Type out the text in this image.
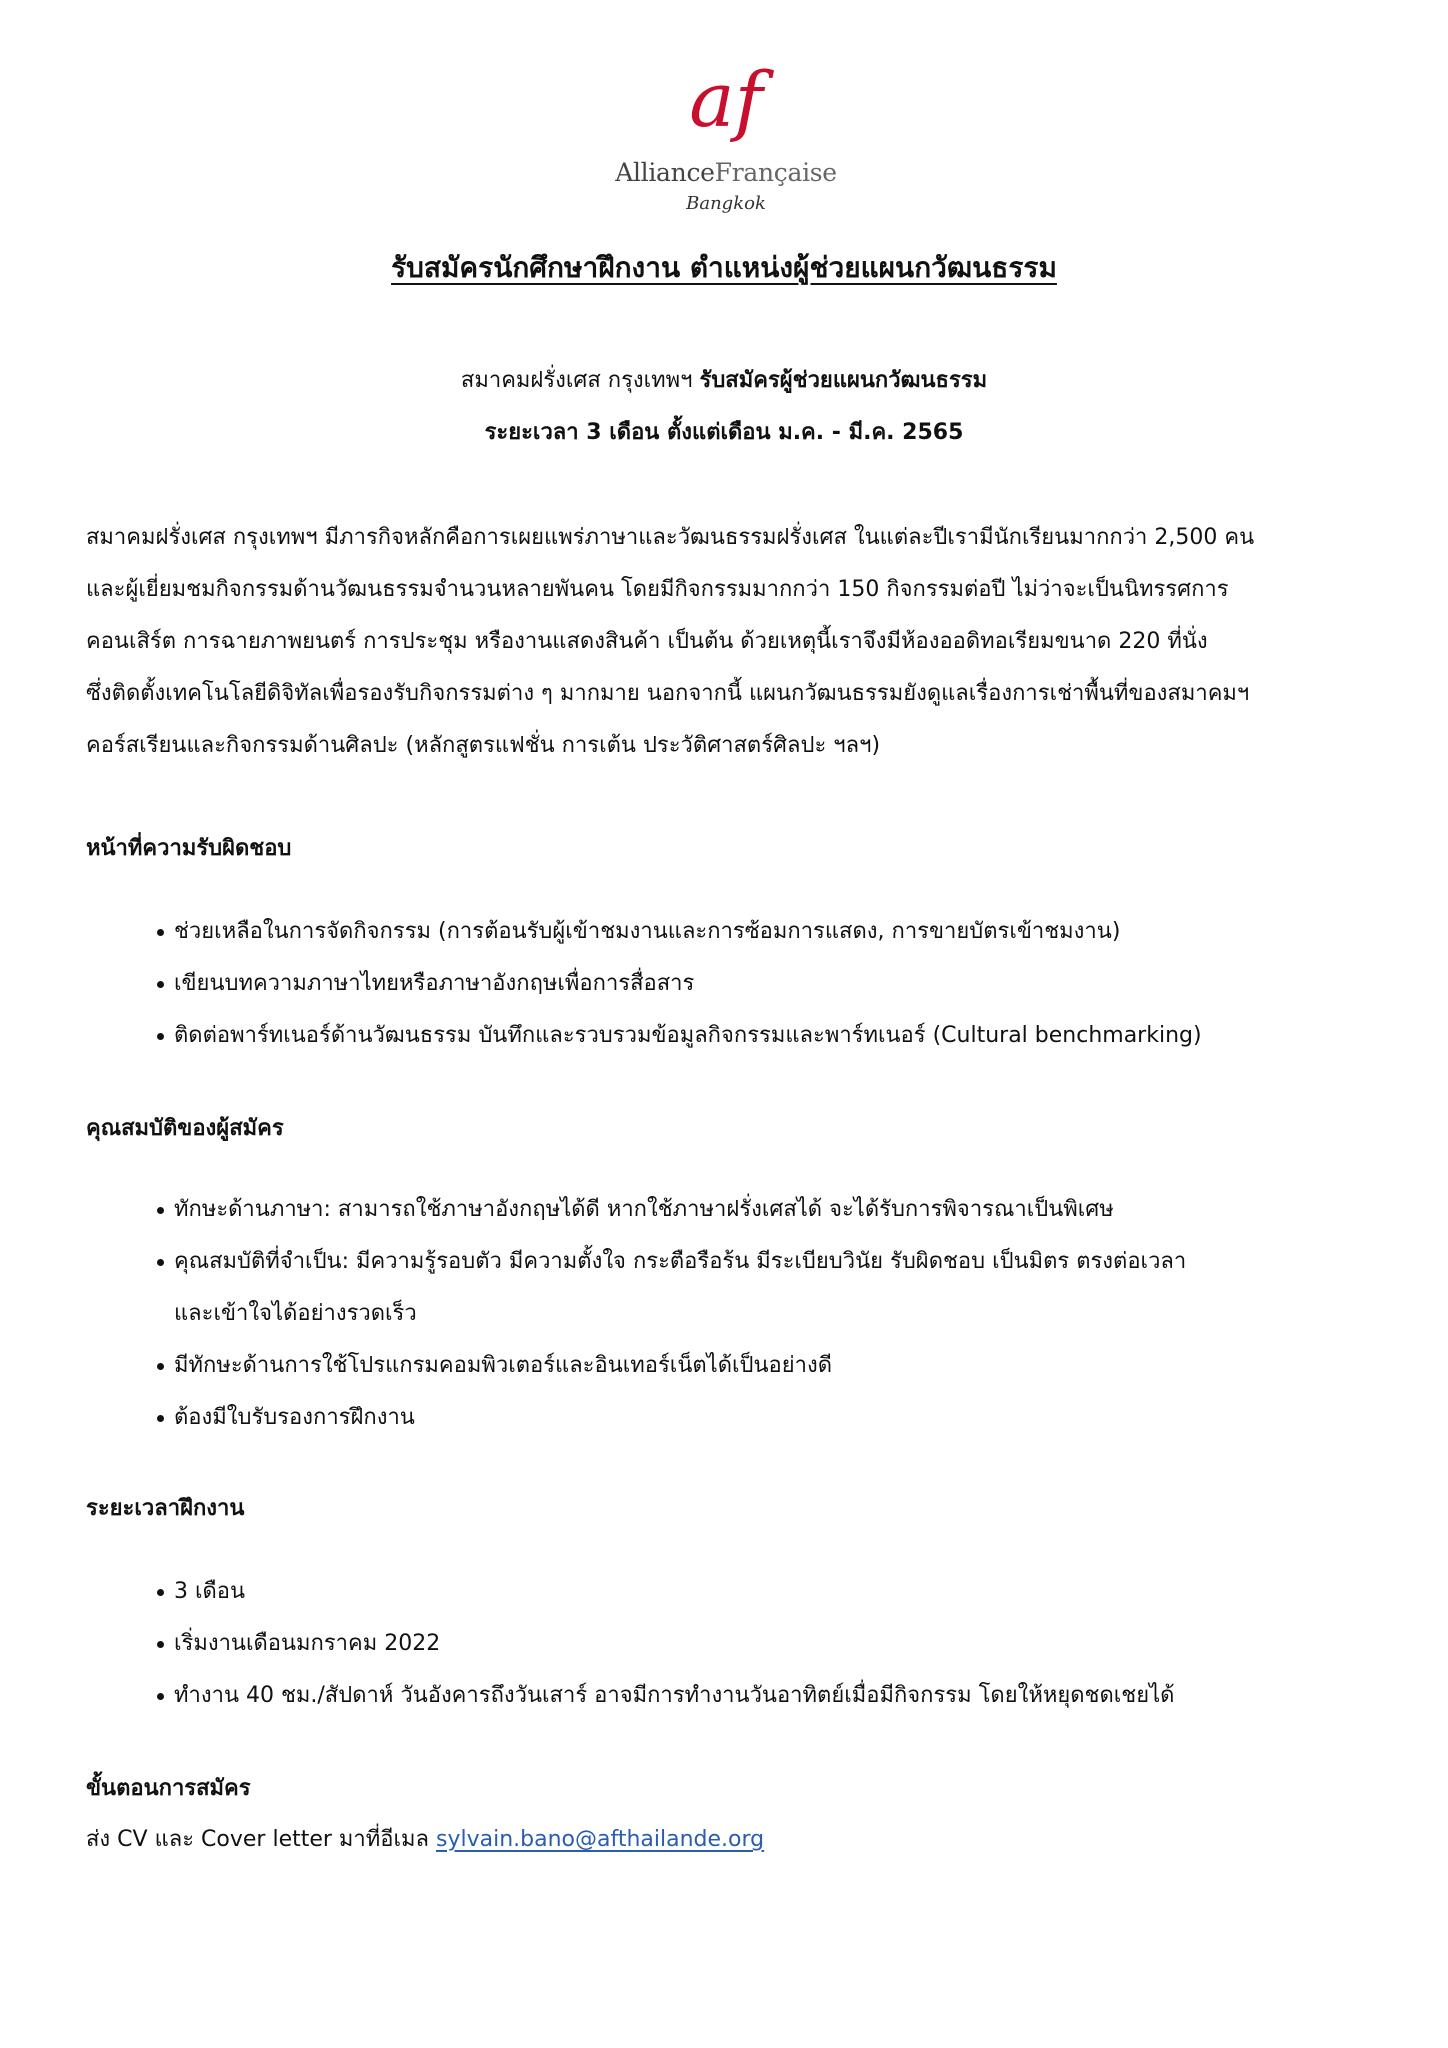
af
AllianceFrançaise
Bangkok
รับสมัครนักศึกษาฝึกงาน ตำแหน่งผู้ช่วยแผนกวัฒนธรรม
สมาคมฝรั่งเศส กรุงเทพฯ รับสมัครผู้ช่วยแผนกวัฒนธรรม
ระยะเวลา 3 เดือน ตั้งแต่เดือน ม.ค. - มี.ค. 2565

สมาคมฝรั่งเศส กรุงเทพฯ มีภารกิจหลักคือการเผยแพร่ภาษาและวัฒนธรรมฝรั่งเศส ในแต่ละปีเรามีนักเรียนมากกว่า 2,500 คน

และผู้เยี่ยมชมกิจกรรมด้านวัฒนธรรมจำนวนหลายพันคน โดยมีกิจกรรมมากกว่า 150 กิจกรรมต่อปี ไม่ว่าจะเป็นนิทรรศการ

คอนเสิร์ต การฉายภาพยนตร์ การประชุม หรืองานแสดงสินค้า เป็นต้น ด้วยเหตุนี้เราจึงมีห้องออดิทอเรียมขนาด 220 ที่นั่ง

ซึ่งติดตั้งเทคโนโลยีดิจิทัลเพื่อรองรับกิจกรรมต่าง ๆ มากมาย นอกจากนี้ แผนกวัฒนธรรมยังดูแลเรื่องการเช่าพื้นที่ของสมาคมฯ

คอร์สเรียนและกิจกรรมด้านศิลปะ (หลักสูตรแฟชั่น การเต้น ประวัติศาสตร์ศิลปะ ฯลฯ)

หน้าที่ความรับผิดชอบ
ช่วยเหลือในการจัดกิจกรรม (การต้อนรับผู้เข้าชมงานและการซ้อมการแสดง, การขายบัตรเข้าชมงาน)
เขียนบทความภาษาไทยหรือภาษาอังกฤษเพื่อการสื่อสาร
ติดต่อพาร์ทเนอร์ด้านวัฒนธรรม บันทึกและรวบรวมข้อมูลกิจกรรมและพาร์ทเนอร์ (Cultural benchmarking)
คุณสมบัติของผู้สมัคร
ทักษะด้านภาษา: สามารถใช้ภาษาอังกฤษได้ดี หากใช้ภาษาฝรั่งเศสได้ จะได้รับการพิจารณาเป็นพิเศษ
คุณสมบัติที่จำเป็น: มีความรู้รอบตัว มีความตั้งใจ กระตือรือร้น มีระเบียบวินัย รับผิดชอบ เป็นมิตร ตรงต่อเวลา
และเข้าใจได้อย่างรวดเร็ว
มีทักษะด้านการใช้โปรแกรมคอมพิวเตอร์และอินเทอร์เน็ตได้เป็นอย่างดี
ต้องมีใบรับรองการฝึกงาน
ระยะเวลาฝึกงาน
3 เดือน
เริ่มงานเดือนมกราคม 2022
ทำงาน 40 ชม./สัปดาห์ วันอังคารถึงวันเสาร์ อาจมีการทำงานวันอาทิตย์เมื่อมีกิจกรรม โดยให้หยุดชดเชยได้
ขั้นตอนการสมัคร
ส่ง CV และ Cover letter มาที่อีเมล sylvain.bano@afthailande.org
